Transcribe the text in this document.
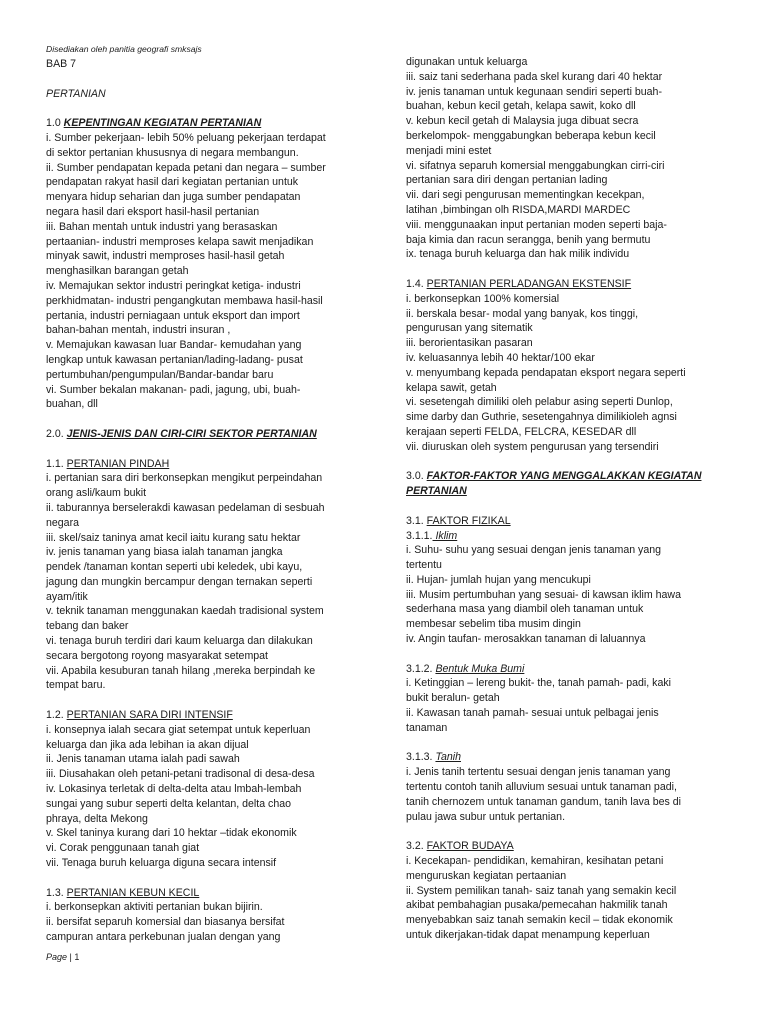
Disediakan oleh panitia geografi smksajs

BAB 7

PERTANIAN

1.0 KEPENTINGAN KEGIATAN PERTANIAN

i. Sumber pekerjaan- lebih 50% peluang pekerjaan terdapat
di sektor pertanian khususnya di negara membangun.
ii. Sumber pendapatan kepada petani dan negara – sumber
pendapatan rakyat hasil dari kegiatan pertanian untuk
menyara hidup seharian dan juga sumber pendapatan
negara hasil dari eksport hasil-hasil pertanian
iii. Bahan mentah untuk industri yang berasaskan
pertaanian- industri memproses kelapa sawit menjadikan
minyak sawit, industri memproses hasil-hasil getah
menghasilkan barangan getah
iv. Memajukan sektor industri peringkat ketiga- industri
perkhidmatan- industri pengangkutan membawa hasil-hasil
pertania, industri perniagaan untuk eksport dan import
bahan-bahan mentah, industri insuran ,
v. Memajukan kawasan luar Bandar- kemudahan yang
lengkap untuk kawasan pertanian/lading-ladang- pusat
pertumbuhan/pengumpulan/Bandar-bandar baru
vi. Sumber bekalan makanan- padi, jagung, ubi, buah-
buahan, dll

2.0. JENIS-JENIS DAN CIRI-CIRI SEKTOR PERTANIAN

1.1. PERTANIAN PINDAH

i. pertanian sara diri berkonsepkan mengikut perpeindahan
orang asli/kaum bukit
ii. taburannya berselerakdi kawasan pedelaman di sesbuah
negara
iii. skel/saiz taninya amat kecil iaitu kurang satu hektar
iv. jenis tanaman yang biasa ialah tanaman jangka
pendek /tanaman kontan seperti ubi keledek, ubi kayu,
jagung dan mungkin bercampur dengan ternakan seperti
ayam/itik
v. teknik tanaman menggunakan kaedah tradisional system
tebang dan baker
vi. tenaga buruh terdiri dari kaum keluarga dan dilakukan
secara bergotong royong masyarakat setempat
vii. Apabila kesuburan tanah hilang ,mereka berpindah ke
tempat baru.

1.2. PERTANIAN SARA DIRI INTENSIF

i. konsepnya ialah secara giat setempat untuk keperluan
keluarga dan jika ada lebihan ia akan dijual
ii. Jenis tanaman utama ialah padi sawah
iii. Diusahakan oleh petani-petani tradisonal di desa-desa
iv. Lokasinya terletak di delta-delta atau lmbah-lembah
sungai yang subur seperti delta kelantan, delta chao
phraya, delta Mekong
v. Skel taninya kurang dari 10 hektar –tidak ekonomik
vi. Corak penggunaan tanah giat
vii. Tenaga buruh keluarga diguna secara intensif

1.3. PERTANIAN KEBUN KECIL

i. berkonsepkan aktiviti pertanian bukan bijirin.
ii. bersifat separuh komersial dan biasanya bersifat
campuran antara perkebunan jualan dengan yang

digunakan untuk keluarga
iii. saiz tani sederhana pada skel kurang dari 40 hektar
iv. jenis tanaman untuk kegunaan sendiri seperti buah-
buahan, kebun kecil getah, kelapa sawit, koko dll
v. kebun kecil getah di Malaysia juga dibuat secra
berkelompok- menggabungkan beberapa kebun kecil
menjadi mini estet
vi. sifatnya separuh komersial menggabungkan cirri-ciri
pertanian sara diri dengan pertanian lading
vii. dari segi pengurusan mementingkan kecekpan,
latihan ,bimbingan olh RISDA,MARDI MARDEC
viii. menggunaakan input pertanian moden seperti baja-
baja kimia dan racun serangga, benih yang bermutu
ix. tenaga buruh keluarga dan hak milik individu

1.4. PERTANIAN PERLADANGAN EKSTENSIF

i. berkonsepkan 100% komersial
ii. berskala besar- modal yang banyak, kos tinggi,
pengurusan yang sitematik
iii. berorientasikan pasaran
iv. keluasannya lebih 40 hektar/100 ekar
v. menyumbang kepada pendapatan eksport negara seperti
kelapa sawit, getah
vi. sesetengah dimiliki oleh pelabur asing seperti Dunlop,
sime darby dan Guthrie, sesetengahnya dimilikioleh agnsi
kerajaan seperti FELDA, FELCRA, KESEDAR dll
vii. diuruskan oleh system pengurusan yang tersendiri

3.0. FAKTOR-FAKTOR YANG MENGGALAKKAN KEGIATAN
PERTANIAN

3.1. FAKTOR FIZIKAL

3.1.1. Iklim

i. Suhu- suhu yang sesuai dengan jenis tanaman yang
tertentu
ii. Hujan- jumlah hujan yang mencukupi
iii. Musim pertumbuhan yang sesuai- di kawsan iklim hawa
sederhana masa yang diambil oleh tanaman untuk
membesar sebelim tiba musim dingin
iv. Angin taufan- merosakkan tanaman di laluannya

3.1.2. Bentuk Muka Bumi

i. Ketinggian – lereng bukit- the, tanah pamah- padi, kaki
bukit beralun- getah
ii. Kawasan tanah pamah- sesuai untuk pelbagai jenis
tanaman

3.1.3. Tanih

i. Jenis tanih tertentu sesuai dengan jenis tanaman yang
tertentu contoh tanih alluvium sesuai untuk tanaman padi,
tanih chernozem untuk tanaman gandum, tanih lava bes di
pulau jawa subur untuk pertanian.

3.2. FAKTOR BUDAYA

i. Kecekapan- pendidikan, kemahiran, kesihatan petani
menguruskan kegiatan pertaanian
ii. System pemilikan tanah- saiz tanah yang semakin kecil
akibat pembahagian pusaka/pemecahan hakmilik tanah
menyebabkan saiz tanah semakin kecil – tidak ekonomik
untuk dikerjakan-tidak dapat menampung keperluan

Page | 1
